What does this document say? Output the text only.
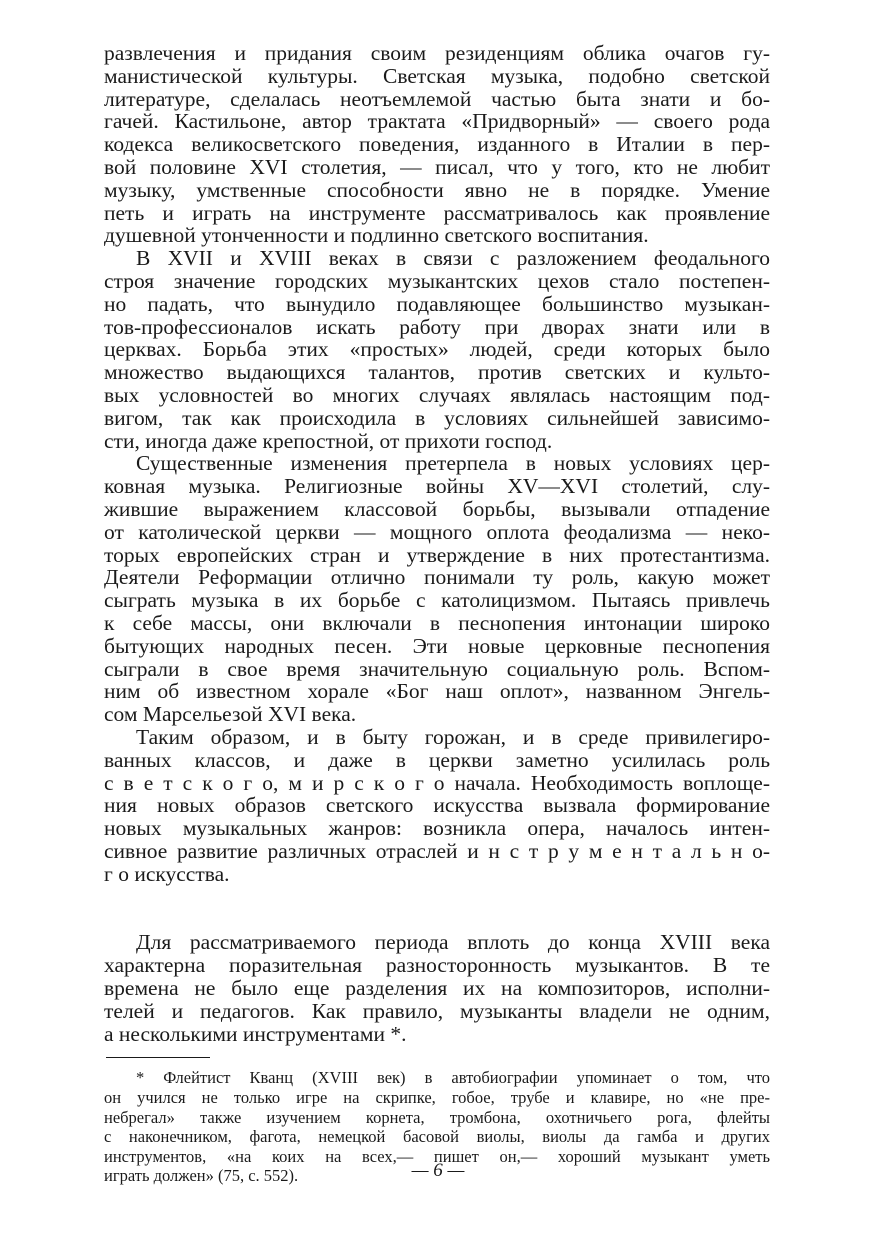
развлечения и придания своим резиденциям облика очагов гу-
манистической культуры. Светская музыка, подобно светской
литературе, сделалась неотъемлемой частью быта знати и бо-
гачей. Кастильоне, автор трактата «Придворный» — своего рода
кодекса великосветского поведения, изданного в Италии в пер-
вой половине XVI столетия, — писал, что у того, кто не любит
музыку, умственные способности явно не в порядке. Умение
петь и играть на инструменте рассматривалось как проявление
душевной утонченности и подлинно светского воспитания.

В XVII и XVIII веках в связи с разложением феодального
строя значение городских музыкантских цехов стало постепен-
но падать, что вынудило подавляющее большинство музыкан-
тов-профессионалов искать работу при дворах знати или в
церквах. Борьба этих «простых» людей, среди которых было
множество выдающихся талантов, против светских и культо-
вых условностей во многих случаях являлась настоящим под-
вигом, так как происходила в условиях сильнейшей зависимо-
сти, иногда даже крепостной, от прихоти господ.

Существенные изменения претерпела в новых условиях цер-
ковная музыка. Религиозные войны XV—XVI столетий, слу-
жившие выражением классовой борьбы, вызывали отпадение
от католической церкви — мощного оплота феодализма — неко-
торых европейских стран и утверждение в них протестантизма.
Деятели Реформации отлично понимали ту роль, какую может
сыграть музыка в их борьбе с католицизмом. Пытаясь привлечь
к себе массы, они включали в песнопения интонации широко
бытующих народных песен. Эти новые церковные песнопения
сыграли в свое время значительную социальную роль. Вспом-
ним об известном хорале «Бог наш оплот», названном Энгель-
сом Марсельезой XVI века.

Таким образом, и в быту горожан, и в среде привилегиро-
ванных классов, и даже в церкви заметно усилилась роль
с в е т с к о г о, м и р с к о г о начала. Необходимость воплоще-
ния новых образов светского искусства вызвала формирование
новых музыкальных жанров: возникла опера, началось интен-
сивное развитие различных отраслей и н с т р у м е н т а л ь н о-
г о искусства.

Для рассматриваемого периода вплоть до конца XVIII века
характерна поразительная разносторонность музыкантов. В те
времена не было еще разделения их на композиторов, исполни-
телей и педагогов. Как правило, музыканты владели не одним,
а несколькими инструментами *.

* Флейтист Кванц (XVIII век) в автобиографии упоминает о том, что
он учился не только игре на скрипке, гобое, трубе и клавире, но «не пре-
небрегал» также изучением корнета, тромбона, охотничьего рога, флейты
с наконечником, фагота, немецкой басовой виолы, виолы да гамба и других
инструментов, «на коих на всех,— пишет он,— хороший музыкант уметь
играть должен» (75, с. 552).	— 6 —
